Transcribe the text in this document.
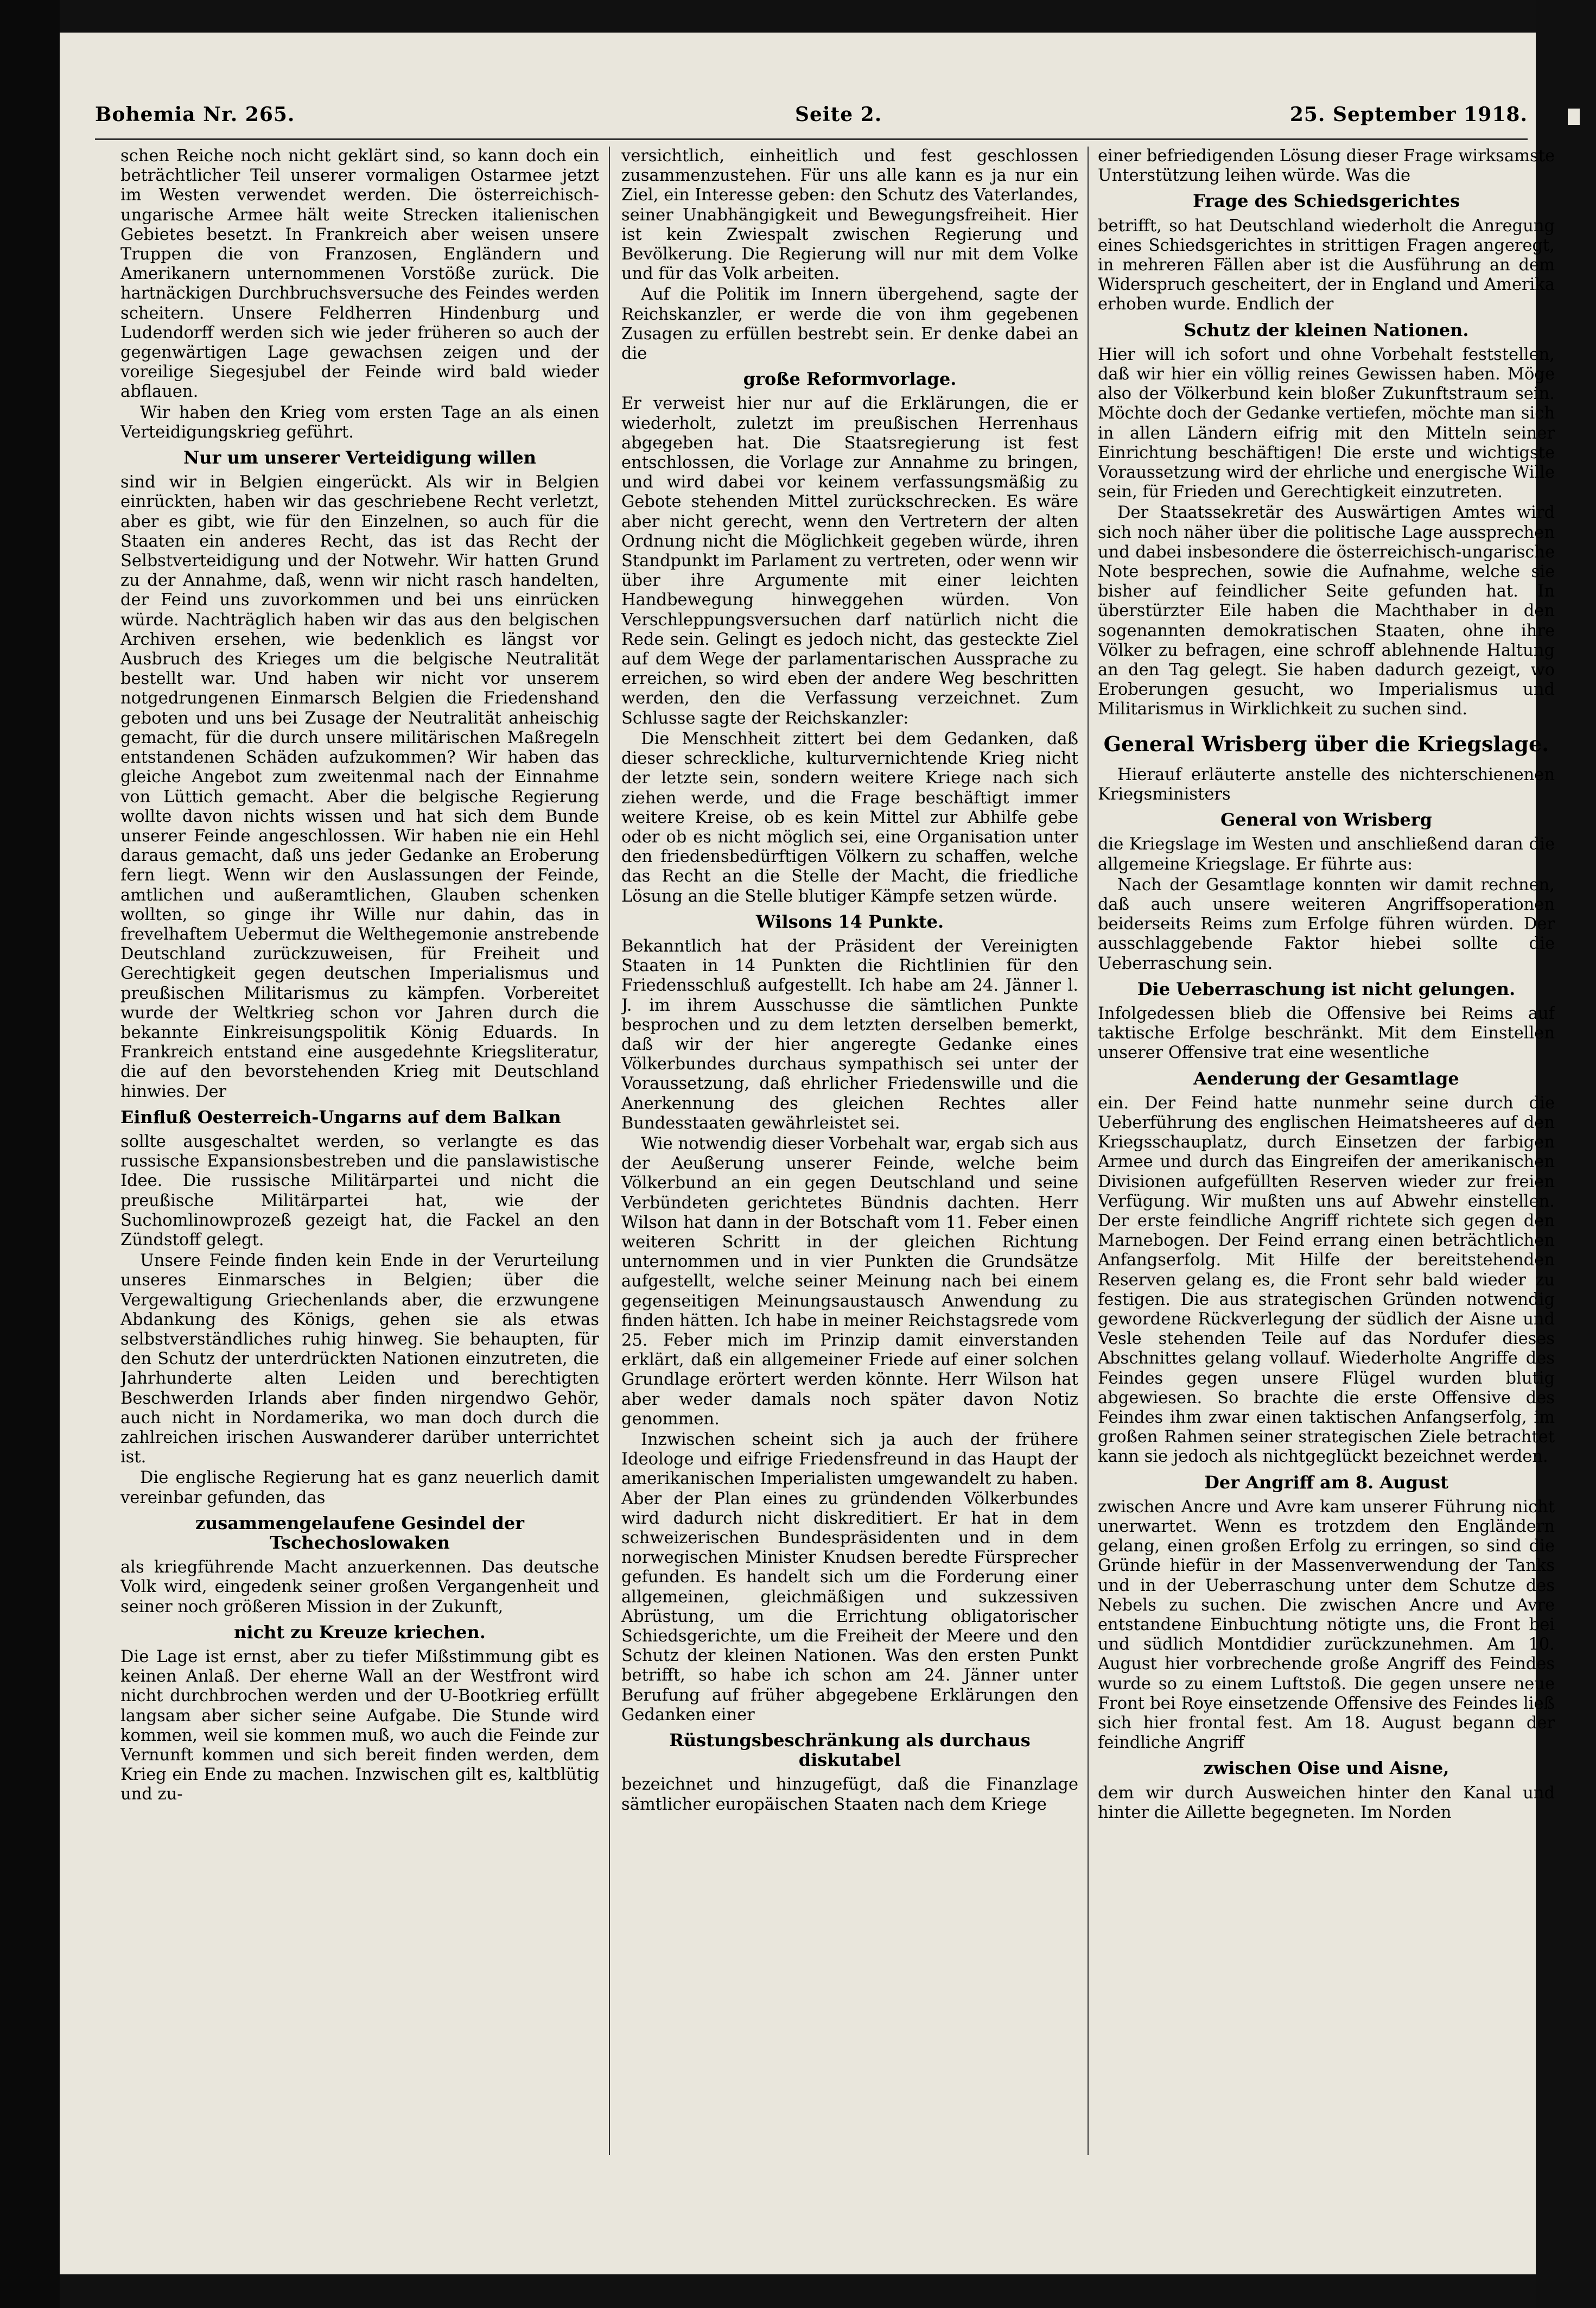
Bohemia Nr. 265.	Seite 2.	25. September 1918.

schen Reiche noch nicht geklärt sind, so kann doch ein beträchtlicher Teil unserer vormaligen Ostarmee jetzt im Westen verwendet werden. Die österreichisch-ungarische Armee hält weite Strecken italienischen Gebietes besetzt. In Frankreich aber weisen unsere Truppen die von Franzosen, Engländern und Amerikanern unternommenen Vorstöße zurück. Die hartnäckigen Durchbruchsversuche des Feindes werden scheitern. Unsere Feldherren Hindenburg und Ludendorff werden sich wie jeder früheren so auch der gegenwärtigen Lage gewachsen zeigen und der voreilige Siegesjubel der Feinde wird bald wieder abflauen.

Wir haben den Krieg vom ersten Tage an als einen Verteidigungskrieg geführt.

Nur um unserer Verteidigung willen

sind wir in Belgien eingerückt. Als wir in Belgien einrückten, haben wir das geschriebene Recht verletzt, aber es gibt, wie für den Einzelnen, so auch für die Staaten ein anderes Recht, das ist das Recht der Selbstverteidigung und der Notwehr. Wir hatten Grund zu der Annahme, daß, wenn wir nicht rasch handelten, der Feind uns zuvorkommen und bei uns einrücken würde. Nachträglich haben wir das aus den belgischen Archiven ersehen, wie bedenklich es längst vor Ausbruch des Krieges um die belgische Neutralität bestellt war. Und haben wir nicht vor unserem notgedrungenen Einmarsch Belgien die Friedenshand geboten und uns bei Zusage der Neutralität anheischig gemacht, für die durch unsere militärischen Maßregeln entstandenen Schäden aufzukommen? Wir haben das gleiche Angebot zum zweitenmal nach der Einnahme von Lüttich gemacht. Aber die belgische Regierung wollte davon nichts wissen und hat sich dem Bunde unserer Feinde angeschlossen. Wir haben nie ein Hehl daraus gemacht, daß uns jeder Gedanke an Eroberung fern liegt. Wenn wir den Auslassungen der Feinde, amtlichen und außeramtlichen, Glauben schenken wollten, so ginge ihr Wille nur dahin, das in frevelhaftem Uebermut die Welthegemonie anstrebende Deutschland zurückzuweisen, für Freiheit und Gerechtigkeit gegen deutschen Imperialismus und preußischen Militarismus zu kämpfen. Vorbereitet wurde der Weltkrieg schon vor Jahren durch die bekannte Einkreisungspolitik König Eduards. In Frankreich entstand eine ausgedehnte Kriegsliteratur, die auf den bevorstehenden Krieg mit Deutschland hinwies. Der

Einfluß Oesterreich-Ungarns auf dem Balkan

sollte ausgeschaltet werden, so verlangte es das russische Expansionsbestreben und die panslawistische Idee. Die russische Militärpartei und nicht die preußische Militärpartei hat, wie der Suchomlinowprozeß gezeigt hat, die Fackel an den Zündstoff gelegt.

Unsere Feinde finden kein Ende in der Verurteilung unseres Einmarsches in Belgien; über die Vergewaltigung Griechenlands aber, die erzwungene Abdankung des Königs, gehen sie als etwas selbstverständliches ruhig hinweg. Sie behaupten, für den Schutz der unterdrückten Nationen einzutreten, die Jahrhunderte alten Leiden und berechtigten Beschwerden Irlands aber finden nirgendwo Gehör, auch nicht in Nordamerika, wo man doch durch die zahlreichen irischen Auswanderer darüber unterrichtet ist.

Die englische Regierung hat es ganz neuerlich damit vereinbar gefunden, das

zusammengelaufene Gesindel der Tschechoslowaken

als kriegführende Macht anzuerkennen. Das deutsche Volk wird, eingedenk seiner großen Vergangenheit und seiner noch größeren Mission in der Zukunft,

nicht zu Kreuze kriechen.

Die Lage ist ernst, aber zu tiefer Mißstimmung gibt es keinen Anlaß. Der eherne Wall an der Westfront wird nicht durchbrochen werden und der U-Bootkrieg erfüllt langsam aber sicher seine Aufgabe. Die Stunde wird kommen, weil sie kommen muß, wo auch die Feinde zur Vernunft kommen und sich bereit finden werden, dem Krieg ein Ende zu machen. Inzwischen gilt es, kaltblütig und zu-

versichtlich, einheitlich und fest geschlossen zusammenzustehen. Für uns alle kann es ja nur ein Ziel, ein Interesse geben: den Schutz des Vaterlandes, seiner Unabhängigkeit und Bewegungsfreiheit. Hier ist kein Zwiespalt zwischen Regierung und Bevölkerung. Die Regierung will nur mit dem Volke und für das Volk arbeiten.

Auf die Politik im Innern übergehend, sagte der Reichskanzler, er werde die von ihm gegebenen Zusagen zu erfüllen bestrebt sein. Er denke dabei an die

große Reformvorlage.

Er verweist hier nur auf die Erklärungen, die er wiederholt, zuletzt im preußischen Herrenhaus abgegeben hat. Die Staatsregierung ist fest entschlossen, die Vorlage zur Annahme zu bringen, und wird dabei vor keinem verfassungsmäßig zu Gebote stehenden Mittel zurückschrecken. Es wäre aber nicht gerecht, wenn den Vertretern der alten Ordnung nicht die Möglichkeit gegeben würde, ihren Standpunkt im Parlament zu vertreten, oder wenn wir über ihre Argumente mit einer leichten Handbewegung hinweggehen würden. Von Verschleppungsversuchen darf natürlich nicht die Rede sein. Gelingt es jedoch nicht, das gesteckte Ziel auf dem Wege der parlamentarischen Aussprache zu erreichen, so wird eben der andere Weg beschritten werden, den die Verfassung verzeichnet. Zum Schlusse sagte der Reichskanzler:

Die Menschheit zittert bei dem Gedanken, daß dieser schreckliche, kulturvernichtende Krieg nicht der letzte sein, sondern weitere Kriege nach sich ziehen werde, und die Frage beschäftigt immer weitere Kreise, ob es kein Mittel zur Abhilfe gebe oder ob es nicht möglich sei, eine Organisation unter den friedensbedürftigen Völkern zu schaffen, welche das Recht an die Stelle der Macht, die friedliche Lösung an die Stelle blutiger Kämpfe setzen würde.

Wilsons 14 Punkte.

Bekanntlich hat der Präsident der Vereinigten Staaten in 14 Punkten die Richtlinien für den Friedensschluß aufgestellt. Ich habe am 24. Jänner l. J. im ihrem Ausschusse die sämtlichen Punkte besprochen und zu dem letzten derselben bemerkt, daß wir der hier angeregte Gedanke eines Völkerbundes durchaus sympathisch sei unter der Voraussetzung, daß ehrlicher Friedenswille und die Anerkennung des gleichen Rechtes aller Bundesstaaten gewährleistet sei.

Wie notwendig dieser Vorbehalt war, ergab sich aus der Aeußerung unserer Feinde, welche beim Völkerbund an ein gegen Deutschland und seine Verbündeten gerichtetes Bündnis dachten. Herr Wilson hat dann in der Botschaft vom 11. Feber einen weiteren Schritt in der gleichen Richtung unternommen und in vier Punkten die Grundsätze aufgestellt, welche seiner Meinung nach bei einem gegenseitigen Meinungsaustausch Anwendung zu finden hätten. Ich habe in meiner Reichstagsrede vom 25. Feber mich im Prinzip damit einverstanden erklärt, daß ein allgemeiner Friede auf einer solchen Grundlage erörtert werden könnte. Herr Wilson hat aber weder damals noch später davon Notiz genommen.

Inzwischen scheint sich ja auch der frühere Ideologe und eifrige Friedensfreund in das Haupt der amerikanischen Imperialisten umgewandelt zu haben. Aber der Plan eines zu gründenden Völkerbundes wird dadurch nicht diskreditiert. Er hat in dem schweizerischen Bundespräsidenten und in dem norwegischen Minister Knudsen beredte Fürsprecher gefunden. Es handelt sich um die Forderung einer allgemeinen, gleichmäßigen und sukzessiven Abrüstung, um die Errichtung obligatorischer Schiedsgerichte, um die Freiheit der Meere und den Schutz der kleinen Nationen. Was den ersten Punkt betrifft, so habe ich schon am 24. Jänner unter Berufung auf früher abgegebene Erklärungen den Gedanken einer

Rüstungsbeschränkung als durchaus diskutabel

bezeichnet und hinzugefügt, daß die Finanzlage sämtlicher europäischen Staaten nach dem Kriege

einer befriedigenden Lösung dieser Frage wirksamste Unterstützung leihen würde. Was die

Frage des Schiedsgerichtes

betrifft, so hat Deutschland wiederholt die Anregung eines Schiedsgerichtes in strittigen Fragen angeregt, in mehreren Fällen aber ist die Ausführung an dem Widerspruch gescheitert, der in England und Amerika erhoben wurde. Endlich der

Schutz der kleinen Nationen.

Hier will ich sofort und ohne Vorbehalt feststellen, daß wir hier ein völlig reines Gewissen haben. Möge also der Völkerbund kein bloßer Zukunftstraum sein. Möchte doch der Gedanke vertiefen, möchte man sich in allen Ländern eifrig mit den Mitteln seiner Einrichtung beschäftigen! Die erste und wichtigste Voraussetzung wird der ehrliche und energische Wille sein, für Frieden und Gerechtigkeit einzutreten.

Der Staatssekretär des Auswärtigen Amtes wird sich noch näher über die politische Lage aussprechen und dabei insbesondere die österreichisch-ungarische Note besprechen, sowie die Aufnahme, welche sie bisher auf feindlicher Seite gefunden hat. In überstürzter Eile haben die Machthaber in den sogenannten demokratischen Staaten, ohne ihre Völker zu befragen, eine schroff ablehnende Haltung an den Tag gelegt. Sie haben dadurch gezeigt, wo Eroberungen gesucht, wo Imperialismus und Militarismus in Wirklichkeit zu suchen sind.

General Wrisberg über die Kriegslage.

Hierauf erläuterte anstelle des nichterschienenen Kriegsministers

General von Wrisberg

die Kriegslage im Westen und anschließend daran die allgemeine Kriegslage. Er führte aus:

Nach der Gesamtlage konnten wir damit rechnen, daß auch unsere weiteren Angriffsoperationen beiderseits Reims zum Erfolge führen würden. Der ausschlaggebende Faktor hiebei sollte die Ueberraschung sein.

Die Ueberraschung ist nicht gelungen.

Infolgedessen blieb die Offensive bei Reims auf taktische Erfolge beschränkt. Mit dem Einstellen unserer Offensive trat eine wesentliche

Aenderung der Gesamtlage

ein. Der Feind hatte nunmehr seine durch die Ueberführung des englischen Heimatsheeres auf den Kriegsschauplatz, durch Einsetzen der farbigen Armee und durch das Eingreifen der amerikanischen Divisionen aufgefüllten Reserven wieder zur freien Verfügung. Wir mußten uns auf Abwehr einstellen. Der erste feindliche Angriff richtete sich gegen den Marnebogen. Der Feind errang einen beträchtlichen Anfangserfolg. Mit Hilfe der bereitstehenden Reserven gelang es, die Front sehr bald wieder zu festigen. Die aus strategischen Gründen notwendig gewordene Rückverlegung der südlich der Aisne und Vesle stehenden Teile auf das Nordufer dieses Abschnittes gelang vollauf. Wiederholte Angriffe des Feindes gegen unsere Flügel wurden blutig abgewiesen. So brachte die erste Offensive des Feindes ihm zwar einen taktischen Anfangserfolg, im großen Rahmen seiner strategischen Ziele betrachtet kann sie jedoch als nichtgeglückt bezeichnet werden.

Der Angriff am 8. August

zwischen Ancre und Avre kam unserer Führung nicht unerwartet. Wenn es trotzdem den Engländern gelang, einen großen Erfolg zu erringen, so sind die Gründe hiefür in der Massenverwendung der Tanks und in der Ueberraschung unter dem Schutze des Nebels zu suchen. Die zwischen Ancre und Avre entstandene Einbuchtung nötigte uns, die Front bei und südlich Montdidier zurückzunehmen. Am 10. August hier vorbrechende große Angriff des Feindes wurde so zu einem Luftstoß. Die gegen unsere neue Front bei Roye einsetzende Offensive des Feindes ließ sich hier frontal fest. Am 18. August begann der feindliche Angriff

zwischen Oise und Aisne,

dem wir durch Ausweichen hinter den Kanal und hinter die Aillette begegneten. Im Norden
